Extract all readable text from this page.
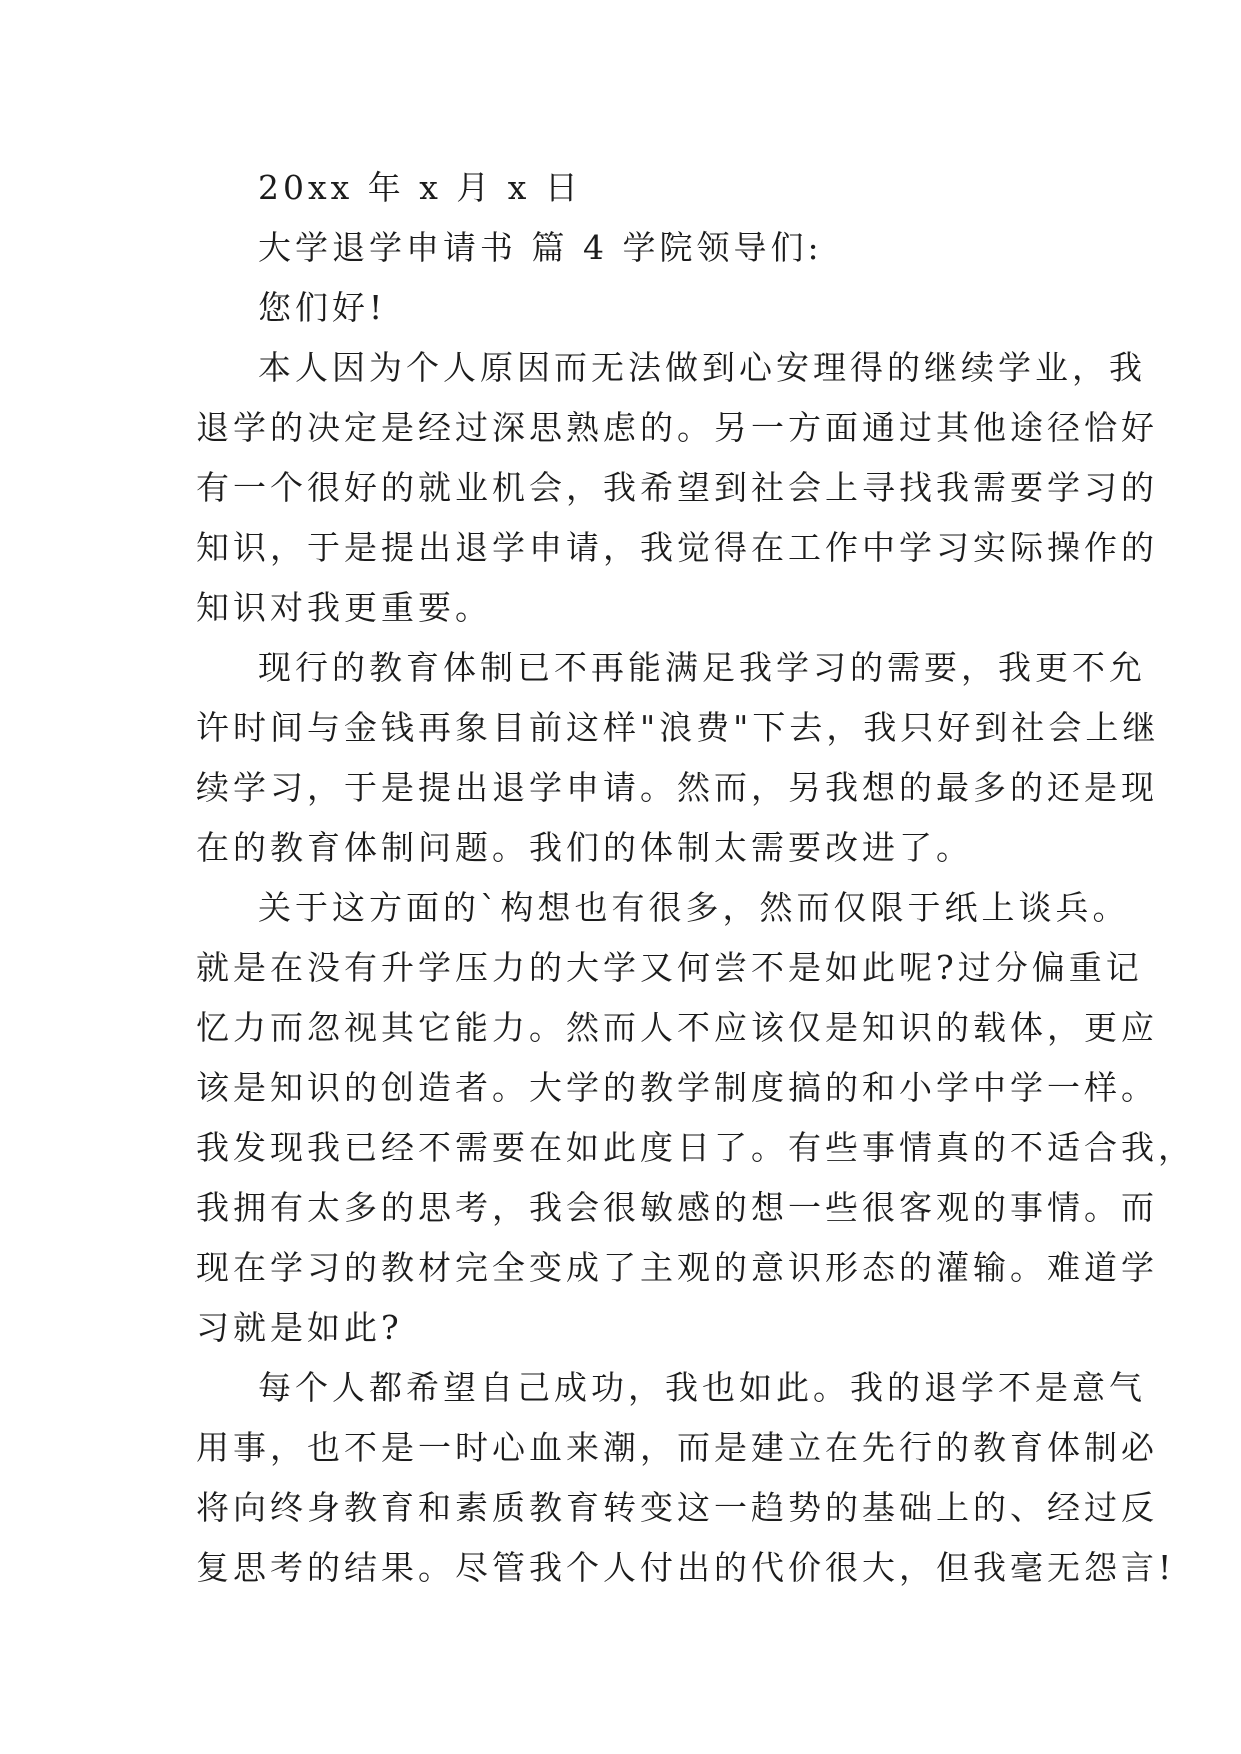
20xx 年 x 月 x 日
大学退学申请书 篇 4 学院领导们:
您们好!
本人因为个人原因而无法做到心安理得的继续学业，我
退学的决定是经过深思熟虑的。另一方面通过其他途径恰好
有一个很好的就业机会，我希望到社会上寻找我需要学习的
知识，于是提出退学申请，我觉得在工作中学习实际操作的
知识对我更重要。
现行的教育体制已不再能满足我学习的需要，我更不允
许时间与金钱再象目前这样"浪费"下去，我只好到社会上继
续学习，于是提出退学申请。然而，另我想的最多的还是现
在的教育体制问题。我们的体制太需要改进了。
关于这方面的`构想也有很多，然而仅限于纸上谈兵。
就是在没有升学压力的大学又何尝不是如此呢?过分偏重记
忆力而忽视其它能力。然而人不应该仅是知识的载体，更应
该是知识的创造者。大学的教学制度搞的和小学中学一样。
我发现我已经不需要在如此度日了。有些事情真的不适合我，
我拥有太多的思考，我会很敏感的想一些很客观的事情。而
现在学习的教材完全变成了主观的意识形态的灌输。难道学
习就是如此?
每个人都希望自己成功，我也如此。我的退学不是意气
用事，也不是一时心血来潮，而是建立在先行的教育体制必
将向终身教育和素质教育转变这一趋势的基础上的、经过反
复思考的结果。尽管我个人付出的代价很大，但我毫无怨言!
